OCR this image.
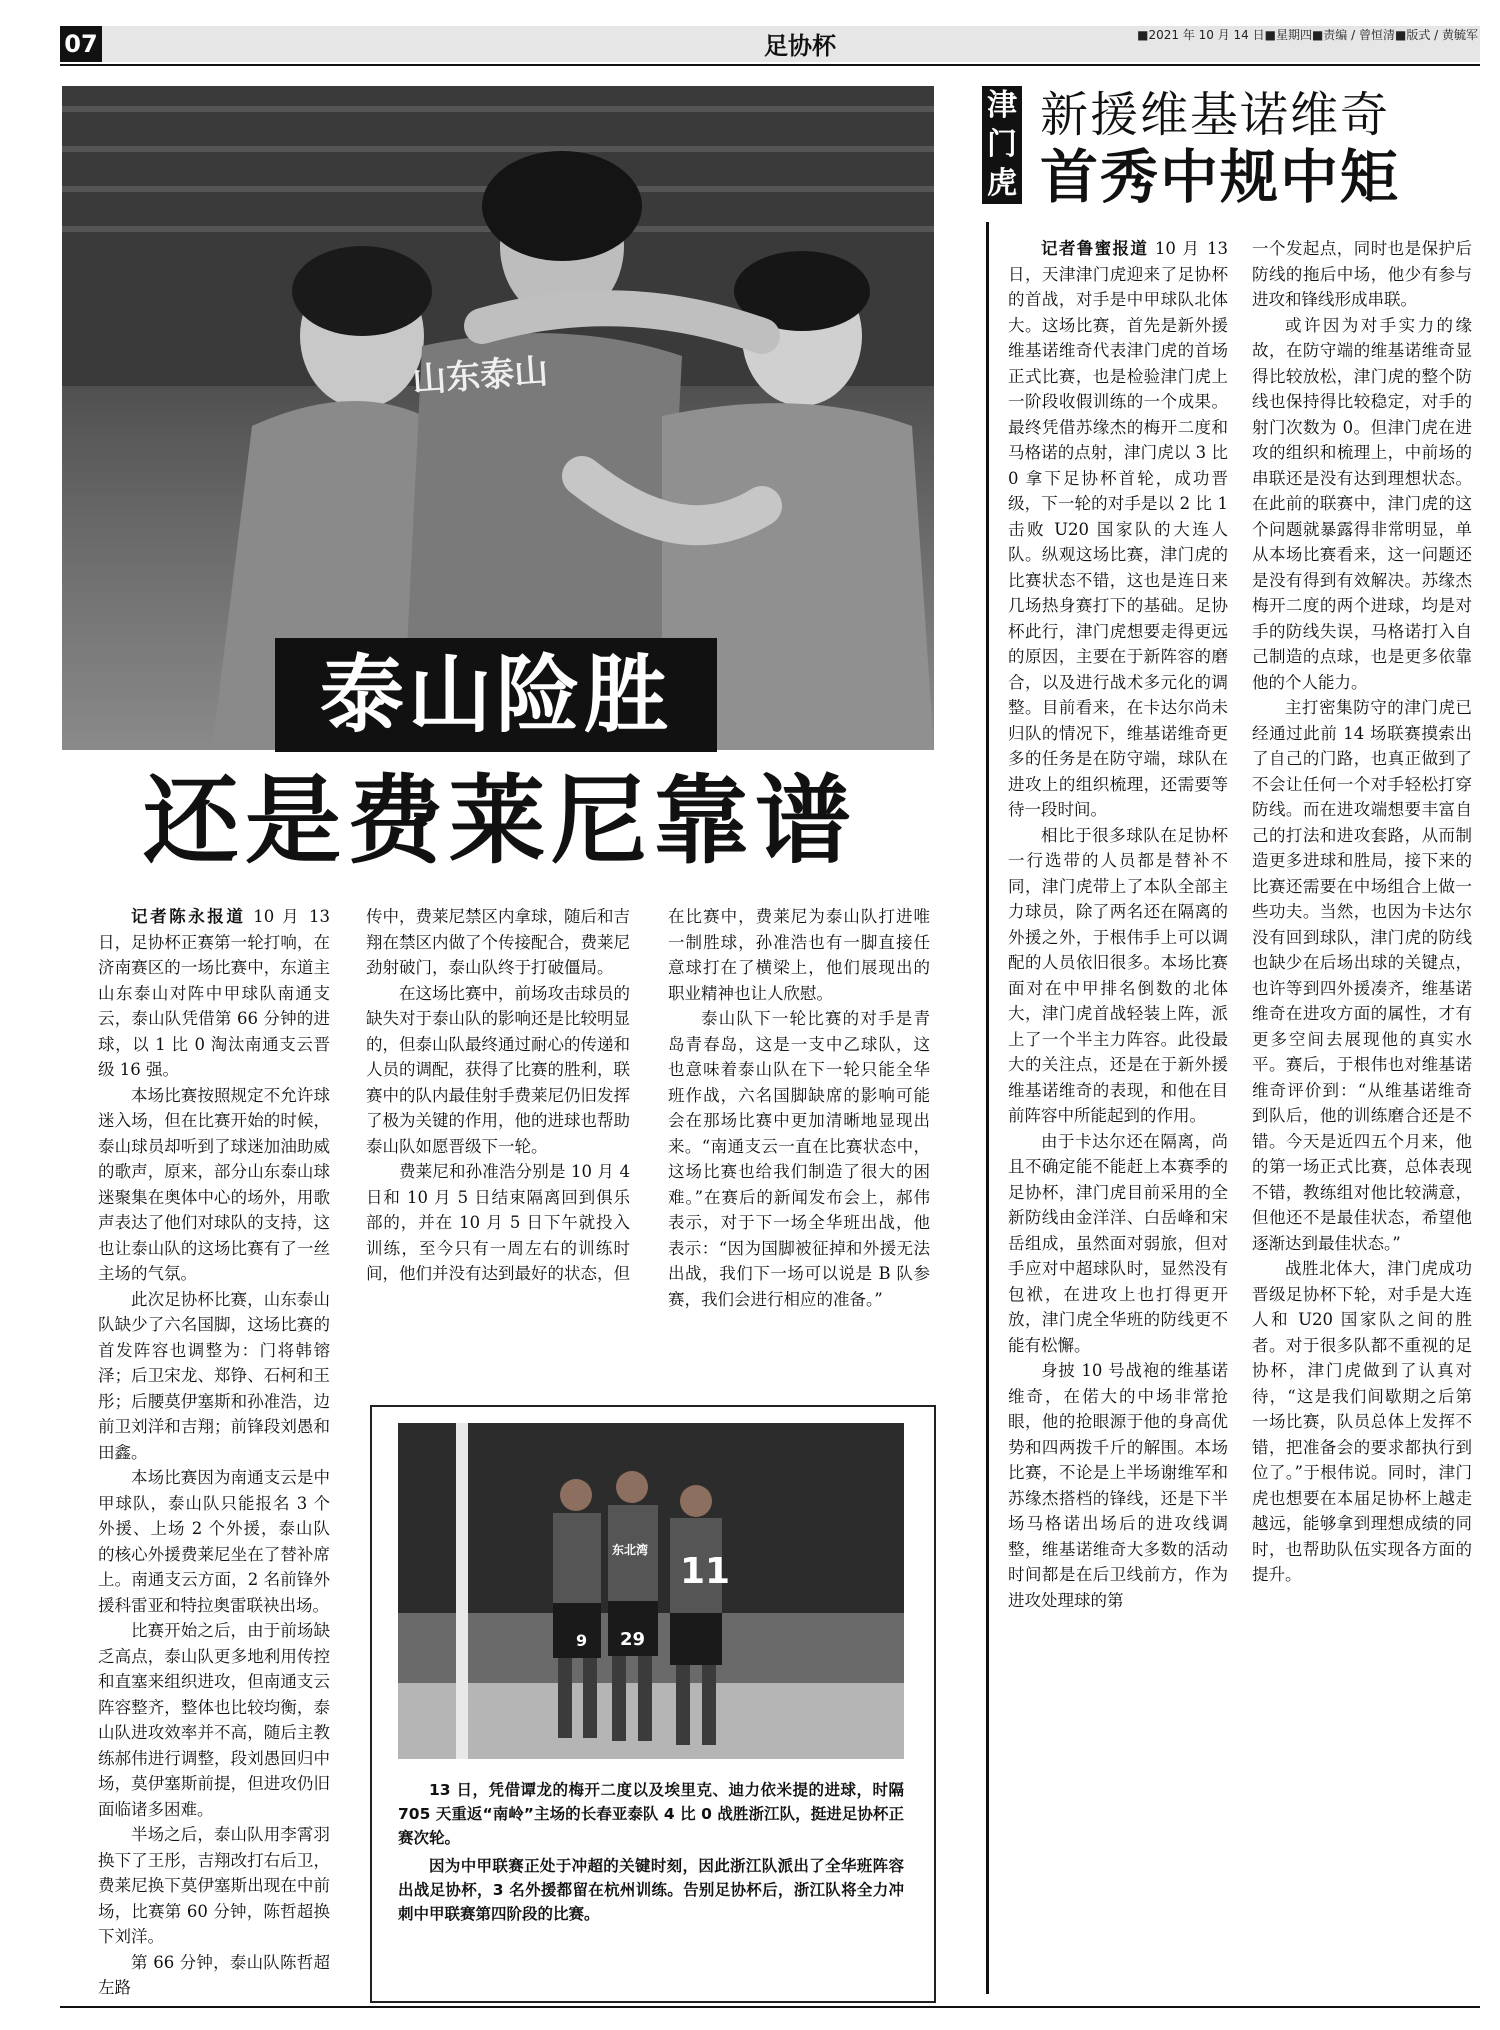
07	足协杯	■2021 年 10 月 14 日■星期四■责编 / 曾恒清■版式 / 黄毓军
山东泰山
泰山险胜
还是费莱尼靠谱

记者陈永报道 10 月 13 日，足协杯正赛第一轮打响，在济南赛区的一场比赛中，东道主山东泰山对阵中甲球队南通支云，泰山队凭借第 66 分钟的进球，以 1 比 0 淘汰南通支云晋级 16 强。

本场比赛按照规定不允许球迷入场，但在比赛开始的时候，泰山球员却听到了球迷加油助威的歌声，原来，部分山东泰山球迷聚集在奥体中心的场外，用歌声表达了他们对球队的支持，这也让泰山队的这场比赛有了一丝主场的气氛。

此次足协杯比赛，山东泰山队缺少了六名国脚，这场比赛的首发阵容也调整为：门将韩镕泽；后卫宋龙、郑铮、石柯和王彤；后腰莫伊塞斯和孙准浩，边前卫刘洋和吉翔；前锋段刘愚和田鑫。

本场比赛因为南通支云是中甲球队，泰山队只能报名 3 个外援、上场 2 个外援，泰山队的核心外援费莱尼坐在了替补席上。南通支云方面，2 名前锋外援科雷亚和特拉奥雷联袂出场。

比赛开始之后，由于前场缺乏高点，泰山队更多地利用传控和直塞来组织进攻，但南通支云阵容整齐，整体也比较均衡，泰山队进攻效率并不高，随后主教练郝伟进行调整，段刘愚回归中场，莫伊塞斯前提，但进攻仍旧面临诸多困难。

半场之后，泰山队用李霄羽换下了王彤，吉翔改打右后卫，费莱尼换下莫伊塞斯出现在中前场，比赛第 60 分钟，陈哲超换下刘洋。

第 66 分钟，泰山队陈哲超左路

传中，费莱尼禁区内拿球，随后和吉翔在禁区内做了个传接配合，费莱尼劲射破门，泰山队终于打破僵局。

在这场比赛中，前场攻击球员的缺失对于泰山队的影响还是比较明显的，但泰山队最终通过耐心的传递和人员的调配，获得了比赛的胜利，联赛中的队内最佳射手费莱尼仍旧发挥了极为关键的作用，他的进球也帮助泰山队如愿晋级下一轮。

费莱尼和孙准浩分别是 10 月 4 日和 10 月 5 日结束隔离回到俱乐部的，并在 10 月 5 日下午就投入训练，至今只有一周左右的训练时间，他们并没有达到最好的状态，但

在比赛中，费莱尼为泰山队打进唯一制胜球，孙准浩也有一脚直接任意球打在了横梁上，他们展现出的职业精神也让人欣慰。

泰山队下一轮比赛的对手是青岛青春岛，这是一支中乙球队，这也意味着泰山队在下一轮只能全华班作战，六名国脚缺席的影响可能会在那场比赛中更加清晰地显现出来。“南通支云一直在比赛状态中，这场比赛也给我们制造了很大的困难。”在赛后的新闻发布会上，郝伟表示，对于下一场全华班出战，他表示：“因为国脚被征掉和外援无法出战，我们下一场可以说是 B 队参赛，我们会进行相应的准备。”

9 29
11
东北湾

13 日，凭借谭龙的梅开二度以及埃里克、迪力依米提的进球，时隔 705 天重返“南岭”主场的长春亚泰队 4 比 0 战胜浙江队，挺进足协杯正赛次轮。

因为中甲联赛正处于冲超的关键时刻，因此浙江队派出了全华班阵容出战足协杯，3 名外援都留在杭州训练。告别足协杯后，浙江队将全力冲刺中甲联赛第四阶段的比赛。

津
门
虎
新援维基诺维奇
首秀中规中矩

记者鲁蜜报道 10 月 13 日，天津津门虎迎来了足协杯的首战，对手是中甲球队北体大。这场比赛，首先是新外援维基诺维奇代表津门虎的首场正式比赛，也是检验津门虎上一阶段收假训练的一个成果。最终凭借苏缘杰的梅开二度和马格诺的点射，津门虎以 3 比 0 拿下足协杯首轮，成功晋级，下一轮的对手是以 2 比 1 击败 U20 国家队的大连人队。纵观这场比赛，津门虎的比赛状态不错，这也是连日来几场热身赛打下的基础。足协杯此行，津门虎想要走得更远的原因，主要在于新阵容的磨合，以及进行战术多元化的调整。目前看来，在卡达尔尚未归队的情况下，维基诺维奇更多的任务是在防守端，球队在进攻上的组织梳理，还需要等待一段时间。

相比于很多球队在足协杯一行选带的人员都是替补不同，津门虎带上了本队全部主力球员，除了两名还在隔离的外援之外，于根伟手上可以调配的人员依旧很多。本场比赛面对在中甲排名倒数的北体大，津门虎首战轻装上阵，派上了一个半主力阵容。此役最大的关注点，还是在于新外援维基诺维奇的表现，和他在目前阵容中所能起到的作用。

由于卡达尔还在隔离，尚且不确定能不能赶上本赛季的足协杯，津门虎目前采用的全新防线由金洋洋、白岳峰和宋岳组成，虽然面对弱旅，但对手应对中超球队时，显然没有包袱，在进攻上也打得更开放，津门虎全华班的防线更不能有松懈。

身披 10 号战袍的维基诺维奇，在偌大的中场非常抢眼，他的抢眼源于他的身高优势和四两拨千斤的解围。本场比赛，不论是上半场谢维军和苏缘杰搭档的锋线，还是下半场马格诺出场后的进攻线调整，维基诺维奇大多数的活动时间都是在后卫线前方，作为进攻处理球的第

一个发起点，同时也是保护后防线的拖后中场，他少有参与进攻和锋线形成串联。

或许因为对手实力的缘故，在防守端的维基诺维奇显得比较放松，津门虎的整个防线也保持得比较稳定，对手的射门次数为 0。但津门虎在进攻的组织和梳理上，中前场的串联还是没有达到理想状态。在此前的联赛中，津门虎的这个问题就暴露得非常明显，单从本场比赛看来，这一问题还是没有得到有效解决。苏缘杰梅开二度的两个进球，均是对手的防线失误，马格诺打入自己制造的点球，也是更多依靠他的个人能力。

主打密集防守的津门虎已经通过此前 14 场联赛摸索出了自己的门路，也真正做到了不会让任何一个对手轻松打穿防线。而在进攻端想要丰富自己的打法和进攻套路，从而制造更多进球和胜局，接下来的比赛还需要在中场组合上做一些功夫。当然，也因为卡达尔没有回到球队，津门虎的防线也缺少在后场出球的关键点，也许等到四外援凑齐，维基诺维奇在进攻方面的属性，才有更多空间去展现他的真实水平。赛后，于根伟也对维基诺维奇评价到：“从维基诺维奇到队后，他的训练磨合还是不错。今天是近四五个月来，他的第一场正式比赛，总体表现不错，教练组对他比较满意，但他还不是最佳状态，希望他逐渐达到最佳状态。”

战胜北体大，津门虎成功晋级足协杯下轮，对手是大连人和 U20 国家队之间的胜者。对于很多队都不重视的足协杯，津门虎做到了认真对待，“这是我们间歇期之后第一场比赛，队员总体上发挥不错，把准备会的要求都执行到位了。”于根伟说。同时，津门虎也想要在本届足协杯上越走越远，能够拿到理想成绩的同时，也帮助队伍实现各方面的提升。
